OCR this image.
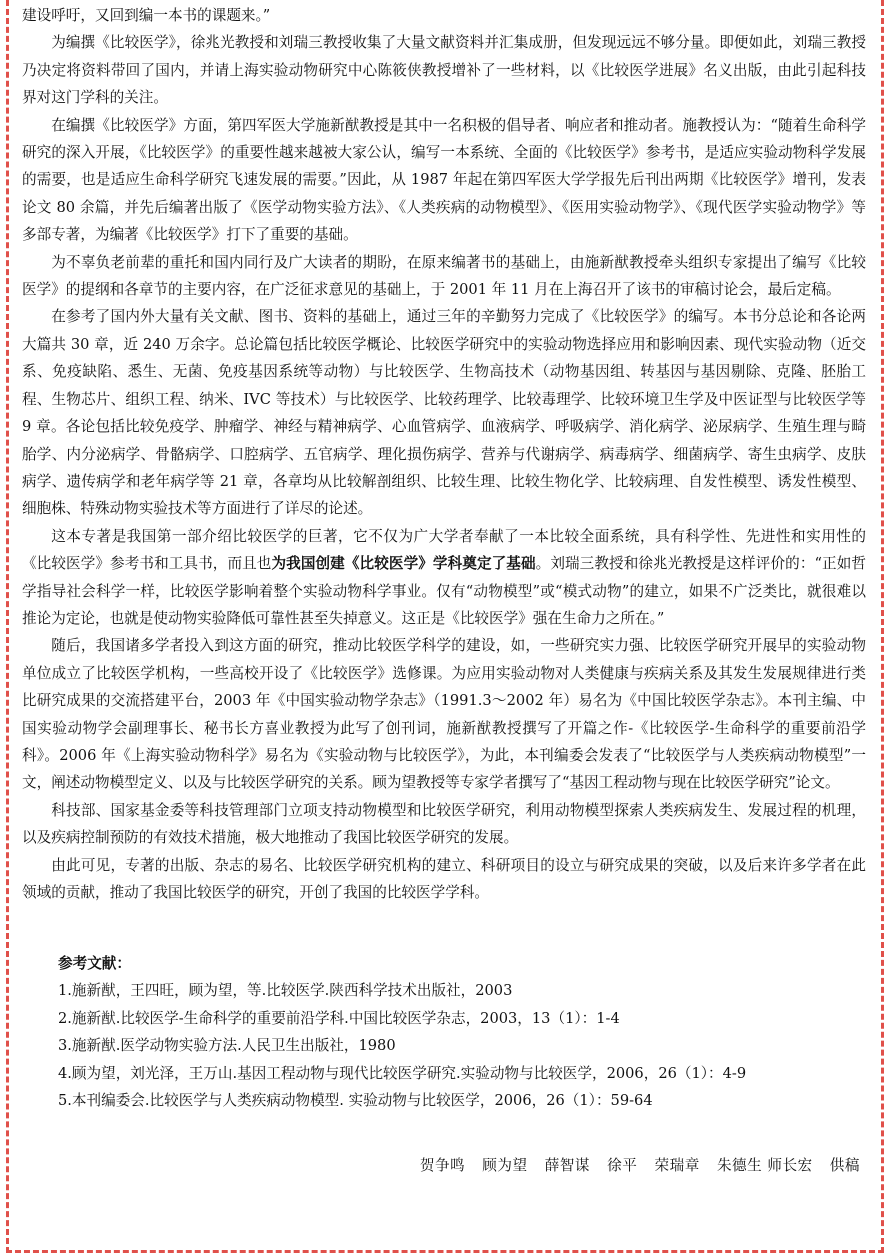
建设呼吁，又回到编一本书的课题来。”

为编撰《比较医学》，徐兆光教授和刘瑞三教授收集了大量文献资料并汇集成册，但发现远远不够分量。即便如此，刘瑞三教授乃决定将资料带回了国内，并请上海实验动物研究中心陈筱侠教授增补了一些材料，以《比较医学进展》名义出版，由此引起科技界对这门学科的关注。

在编撰《比较医学》方面，第四军医大学施新猷教授是其中一名积极的倡导者、响应者和推动者。施教授认为：“随着生命科学研究的深入开展，《比较医学》的重要性越来越被大家公认，编写一本系统、全面的《比较医学》参考书，是适应实验动物科学发展的需要，也是适应生命科学研究飞速发展的需要。”因此，从 1987 年起在第四军医大学学报先后刊出两期《比较医学》增刊，发表论文 80 余篇，并先后编著出版了《医学动物实验方法》、《人类疾病的动物模型》、《医用实验动物学》、《现代医学实验动物学》等多部专著，为编著《比较医学》打下了重要的基础。

为不辜负老前辈的重托和国内同行及广大读者的期盼，在原来编著书的基础上，由施新猷教授牵头组织专家提出了编写《比较医学》的提纲和各章节的主要内容，在广泛征求意见的基础上，于 2001 年 11 月在上海召开了该书的审稿讨论会，最后定稿。

在参考了国内外大量有关文献、图书、资料的基础上，通过三年的辛勤努力完成了《比较医学》的编写。本书分总论和各论两大篇共 30 章，近 240 万余字。总论篇包括比较医学概论、比较医学研究中的实验动物选择应用和影响因素、现代实验动物（近交系、免疫缺陷、悉生、无菌、免疫基因系统等动物）与比较医学、生物高技术（动物基因组、转基因与基因剔除、克隆、胚胎工程、生物芯片、组织工程、纳米、IVC 等技术）与比较医学、比较药理学、比较毒理学、比较环境卫生学及中医证型与比较医学等 9 章。各论包括比较免疫学、肿瘤学、神经与精神病学、心血管病学、血液病学、呼吸病学、消化病学、泌尿病学、生殖生理与畸胎学、内分泌病学、骨骼病学、口腔病学、五官病学、理化损伤病学、营养与代谢病学、病毒病学、细菌病学、寄生虫病学、皮肤病学、遗传病学和老年病学等 21 章，各章均从比较解剖组织、比较生理、比较生物化学、比较病理、自发性模型、诱发性模型、细胞株、特殊动物实验技术等方面进行了详尽的论述。

这本专著是我国第一部介绍比较医学的巨著，它不仅为广大学者奉献了一本比较全面系统，具有科学性、先进性和实用性的《比较医学》参考书和工具书，而且也为我国创建《比较医学》学科奠定了基础。刘瑞三教授和徐兆光教授是这样评价的：“正如哲学指导社会科学一样，比较医学影响着整个实验动物科学事业。仅有“动物模型”或“模式动物”的建立，如果不广泛类比，就很难以推论为定论，也就是使动物实验降低可靠性甚至失掉意义。这正是《比较医学》强在生命力之所在。”

随后，我国诸多学者投入到这方面的研究，推动比较医学科学的建设，如，一些研究实力强、比较医学研究开展早的实验动物单位成立了比较医学机构，一些高校开设了《比较医学》选修课。为应用实验动物对人类健康与疾病关系及其发生发展规律进行类比研究成果的交流搭建平台，2003 年《中国实验动物学杂志》（1991.3～2002 年）易名为《中国比较医学杂志》。本刊主编、中国实验动物学会副理事长、秘书长方喜业教授为此写了创刊词，施新猷教授撰写了开篇之作-《比较医学-生命科学的重要前沿学科》。2006 年《上海实验动物科学》易名为《实验动物与比较医学》，为此，本刊编委会发表了“比较医学与人类疾病动物模型”一文，阐述动物模型定义、以及与比较医学研究的关系。顾为望教授等专家学者撰写了“基因工程动物与现在比较医学研究”论文。

科技部、国家基金委等科技管理部门立项支持动物模型和比较医学研究，利用动物模型探索人类疾病发生、发展过程的机理，以及疾病控制预防的有效技术措施，极大地推动了我国比较医学研究的发展。

由此可见，专著的出版、杂志的易名、比较医学研究机构的建立、科研项目的设立与研究成果的突破，以及后来许多学者在此领域的贡献，推动了我国比较医学的研究，开创了我国的比较医学学科。

参考文献：

1.施新猷，王四旺，顾为望，等.比较医学.陕西科学技术出版社，2003

2.施新猷.比较医学-生命科学的重要前沿学科.中国比较医学杂志，2003，13（1）：1-4

3.施新猷.医学动物实验方法.人民卫生出版社，1980

4.顾为望，刘光泽，王万山.基因工程动物与现代比较医学研究.实验动物与比较医学，2006，26（1）：4-9

5.本刊编委会.比较医学与人类疾病动物模型. 实验动物与比较医学，2006，26（1）：59-64

贺争鸣 顾为望 薛智谋 徐平 荣瑞章 朱德生 师长宏 供稿
